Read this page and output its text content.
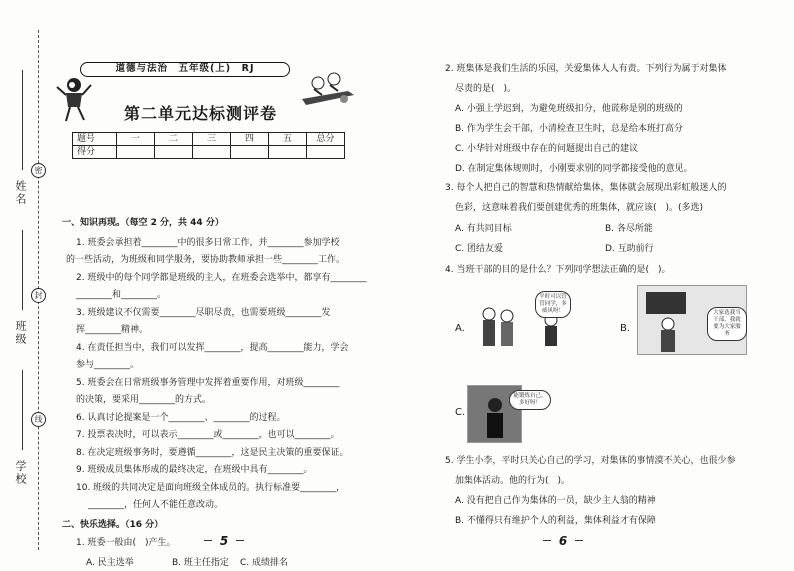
姓名
班级
学校
密
封
线
道德与法治　五年级(上)　RJ
第二单元达标测评卷
题号	一	二	三	四	五	总分
得分						
一、知识再现。（每空 2 分，共 44 分）
1. 班委会承担着________中的很多日常工作，并________参加学校
的一些活动，为班级和同学服务，要协助教师承担一些________工作。
2. 班级中的每个同学都是班级的主人，在班委会选举中，都享有________
________和________。
3. 班级建议不仅需要________尽职尽责，也需要班级________发
挥________精神。
4. 在责任担当中，我们可以发挥________，提高________能力，学会
参与________。
5. 班委会在日常班级事务管理中发挥着重要作用，对班级________
的决策，要采用________的方式。
6. 认真讨论提案是一个________、________的过程。
7. 投票表决时，可以表示________或________，也可以________。
8. 在决定班级事务时，要遵循________，这是民主决策的重要保证。
9. 班级成员集体形成的最终决定，在班级中具有________。
10. 班级的共同决定是面向班级全体成员的。执行标准要________，
________，任何人不能任意改动。
二、快乐选择。（16 分）
1. 班委一般由(　)产生。
A. 民主选举	B. 班主任指定 C. 成绩排名
5
2. 班集体是我们生活的乐园，关爱集体人人有责。下列行为属于对集体
尽责的是(　)。
A. 小强上学迟到，为避免班级扣分，他谎称是别的班级的
B. 作为学生会干部，小清检查卫生时，总是给本班打高分
C. 小华针对班级中存在的问题提出自己的建议
D. 在制定集体规则时，小刚要求别的同学都接受他的意见。
3. 每个人把自己的智慧和热情献给集体，集体就会展现出彩虹般迷人的
色彩，这意味着我们要创建优秀的班集体，就应该(　)。(多选)
A. 有共同目标	B. 各尽所能
C. 团结友爱	D. 互助前行
4. 当班干部的目的是什么？下列同学想法正确的是(　)。
A.
平时可以管管同学，多威风呀！
B.
大家选我当干部，我就要为大家服务
C.
能锻炼自己，多好呀！
5. 学生小李，平时只关心自己的学习，对集体的事情漠不关心，也很少参
加集体活动。他的行为(　)。
A. 没有把自己作为集体的一员，缺少主人翁的精神
B. 不懂得只有维护个人的利益，集体利益才有保障
6
